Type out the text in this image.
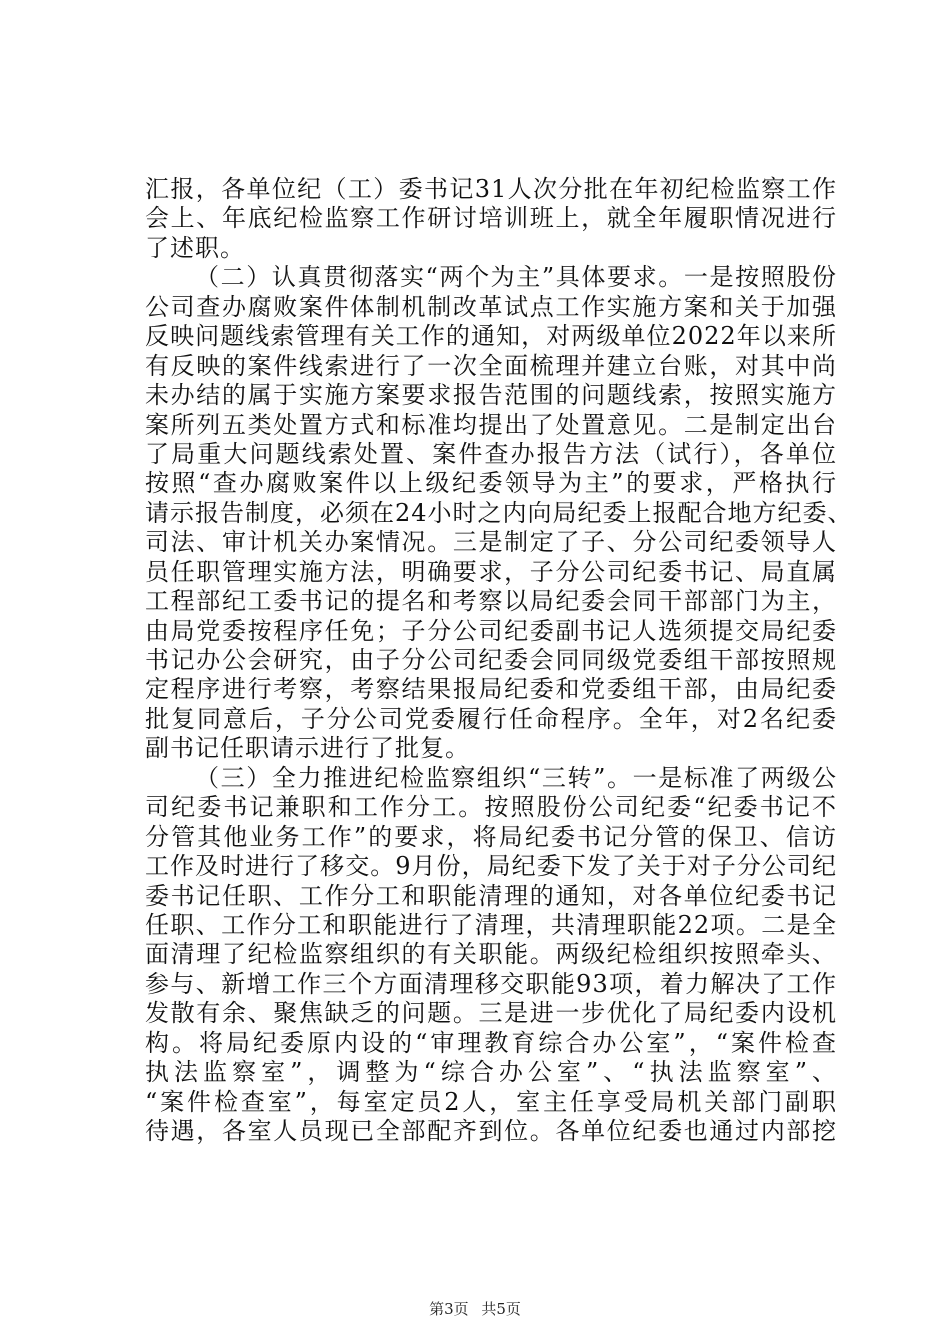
汇报，各单位纪（工）委书记31人次分批在年初纪检监察工作
会上、年底纪检监察工作研讨培训班上，就全年履职情况进行
了述职。
（二）认真贯彻落实“两个为主”具体要求。一是按照股份
公司查办腐败案件体制机制改革试点工作实施方案和关于加强
反映问题线索管理有关工作的通知，对两级单位2022年以来所
有反映的案件线索进行了一次全面梳理并建立台账，对其中尚
未办结的属于实施方案要求报告范围的问题线索，按照实施方
案所列五类处置方式和标准均提出了处置意见。二是制定出台
了局重大问题线索处置、案件查办报告方法（试行），各单位
按照“查办腐败案件以上级纪委领导为主”的要求，严格执行
请示报告制度，必须在24小时之内向局纪委上报配合地方纪委、
司法、审计机关办案情况。三是制定了子、分公司纪委领导人
员任职管理实施方法，明确要求，子分公司纪委书记、局直属
工程部纪工委书记的提名和考察以局纪委会同干部部门为主，
由局党委按程序任免；子分公司纪委副书记人选须提交局纪委
书记办公会研究，由子分公司纪委会同同级党委组干部按照规
定程序进行考察，考察结果报局纪委和党委组干部，由局纪委
批复同意后，子分公司党委履行任命程序。全年，对2名纪委
副书记任职请示进行了批复。
（三）全力推进纪检监察组织“三转”。一是标准了两级公
司纪委书记兼职和工作分工。按照股份公司纪委“纪委书记不
分管其他业务工作”的要求，将局纪委书记分管的保卫、信访
工作及时进行了移交。9月份，局纪委下发了关于对子分公司纪
委书记任职、工作分工和职能清理的通知，对各单位纪委书记
任职、工作分工和职能进行了清理，共清理职能22项。二是全
面清理了纪检监察组织的有关职能。两级纪检组织按照牵头、
参与、新增工作三个方面清理移交职能93项，着力解决了工作
发散有余、聚焦缺乏的问题。三是进一步优化了局纪委内设机
构。将局纪委原内设的“审理教育综合办公室”，“案件检查
执法监察室”，调整为“综合办公室”、“执法监察室”、
“案件检查室”，每室定员2人，室主任享受局机关部门副职
待遇，各室人员现已全部配齐到位。各单位纪委也通过内部挖
第3页 共5页
